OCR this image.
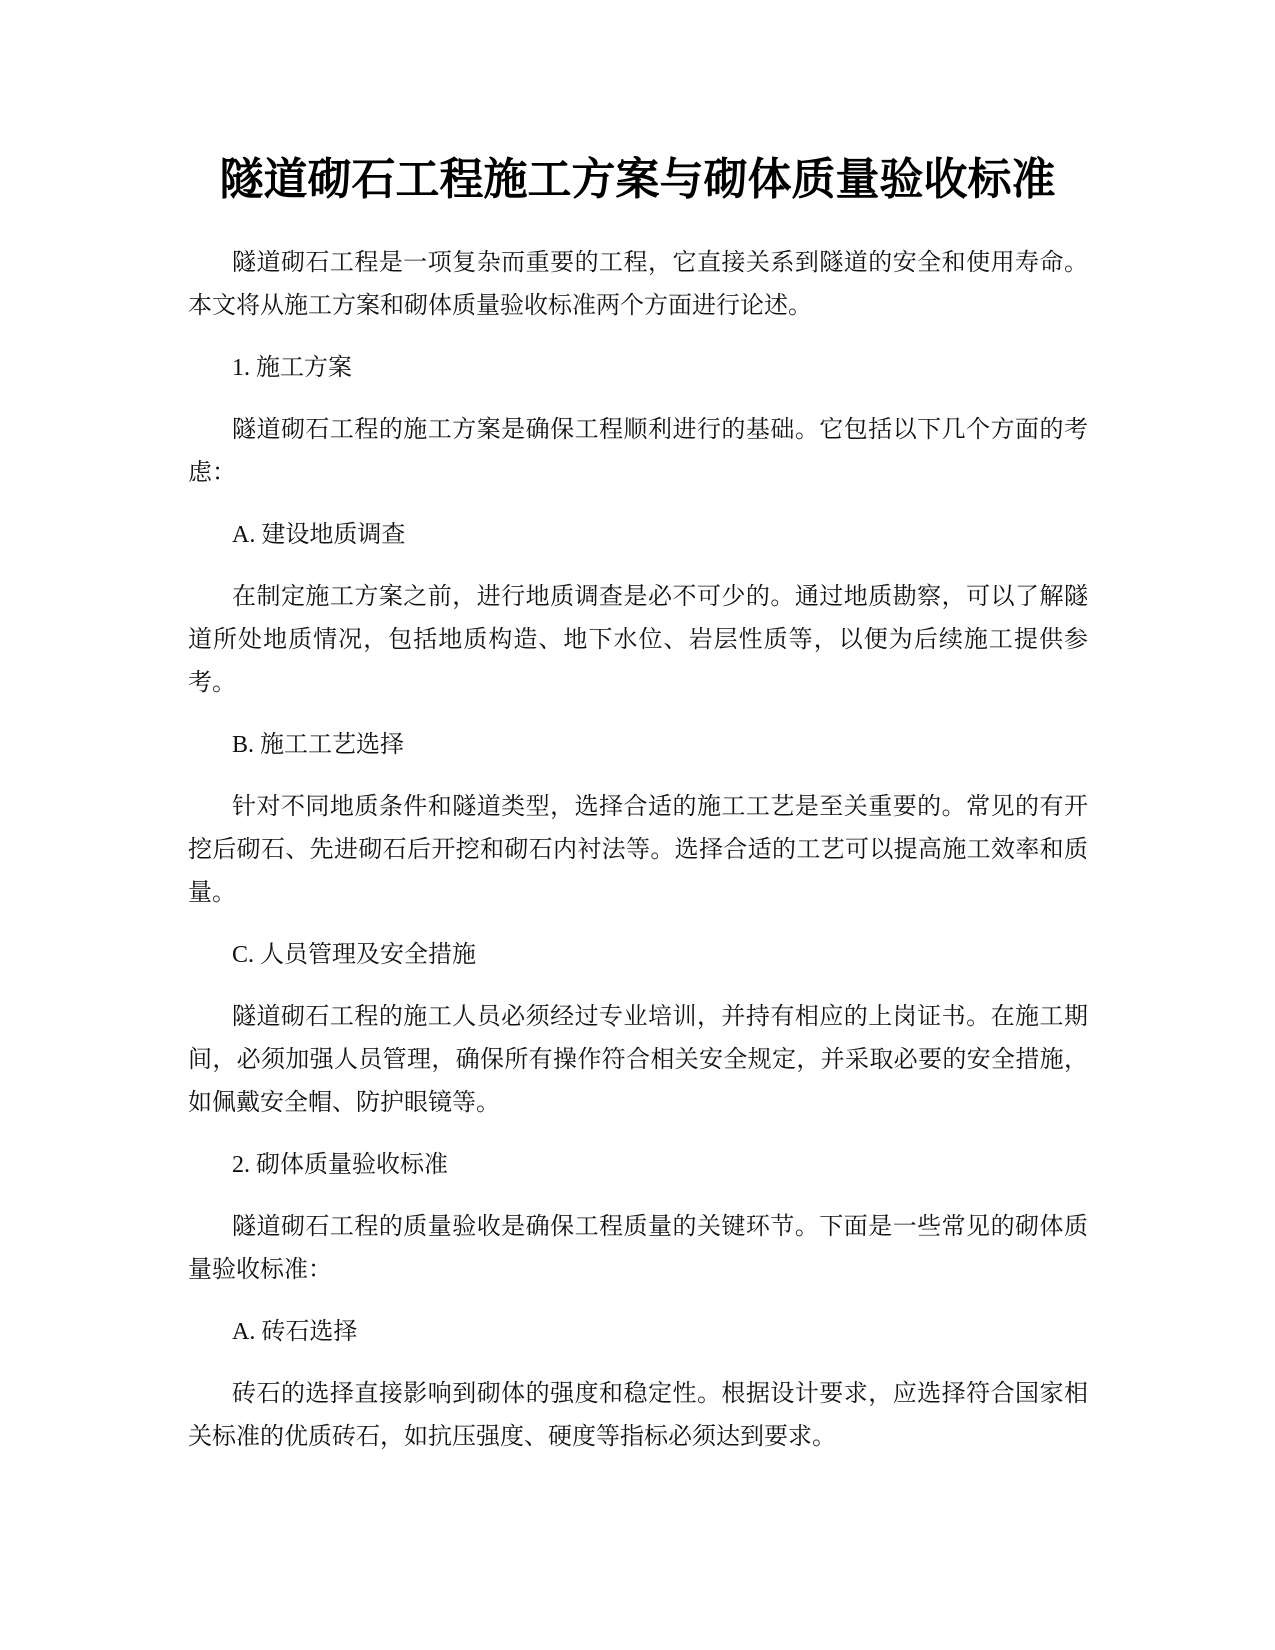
隧道砌石工程施工方案与砌体质量验收标准

隧道砌石工程是一项复杂而重要的工程，它直接关系到隧道的安全和使用寿命。本文将从施工方案和砌体质量验收标准两个方面进行论述。

1. 施工方案

隧道砌石工程的施工方案是确保工程顺利进行的基础。它包括以下几个方面的考虑：

A. 建设地质调查

在制定施工方案之前，进行地质调查是必不可少的。通过地质勘察，可以了解隧道所处地质情况，包括地质构造、地下水位、岩层性质等，以便为后续施工提供参考。

B. 施工工艺选择

针对不同地质条件和隧道类型，选择合适的施工工艺是至关重要的。常见的有开挖后砌石、先进砌石后开挖和砌石内衬法等。选择合适的工艺可以提高施工效率和质量。

C. 人员管理及安全措施

隧道砌石工程的施工人员必须经过专业培训，并持有相应的上岗证书。在施工期间，必须加强人员管理，确保所有操作符合相关安全规定，并采取必要的安全措施，如佩戴安全帽、防护眼镜等。

2. 砌体质量验收标准

隧道砌石工程的质量验收是确保工程质量的关键环节。下面是一些常见的砌体质量验收标准：

A. 砖石选择

砖石的选择直接影响到砌体的强度和稳定性。根据设计要求，应选择符合国家相关标准的优质砖石，如抗压强度、硬度等指标必须达到要求。
